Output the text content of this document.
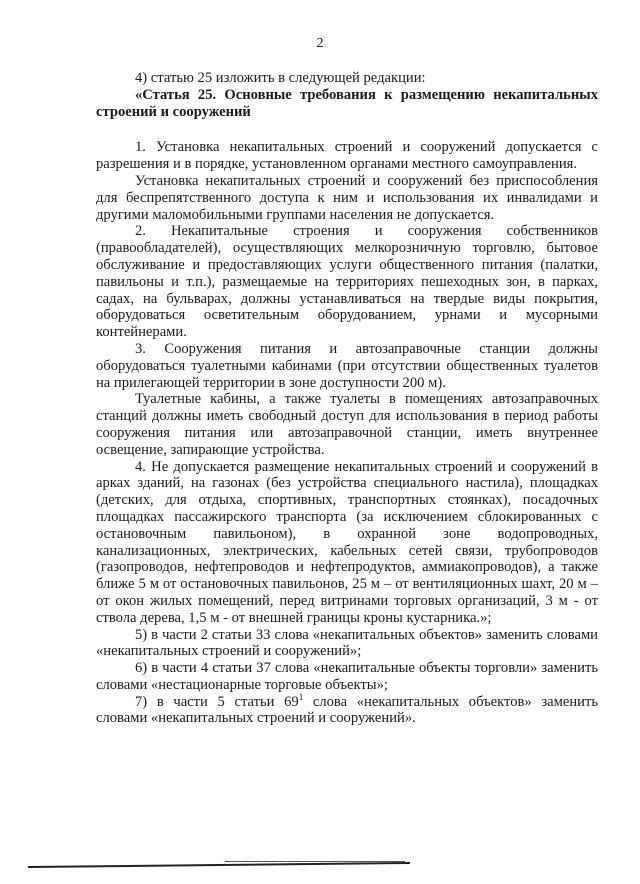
2

4) статью 25 изложить в следующей редакции:

«Статья 25. Основные требования к размещению некапитальных строений и сооружений

1. Установка некапитальных строений и сооружений допускается с разрешения и в порядке, установленном органами местного самоуправления.

Установка некапитальных строений и сооружений без приспособления для беспрепятственного доступа к ним и использования их инвалидами и другими маломобильными группами населения не допускается.

2. Некапитальные строения и сооружения собственников (правообладателей), осуществляющих мелкорозничную торговлю, бытовое обслуживание и предоставляющих услуги общественного питания (палатки, павильоны и т.п.), размещаемые на территориях пешеходных зон, в парках, садах, на бульварах, должны устанавливаться на твердые виды покрытия, оборудоваться осветительным оборудованием, урнами и мусорными контейнерами.

3. Сооружения питания и автозаправочные станции должны оборудоваться туалетными кабинами (при отсутствии общественных туалетов на прилегающей территории в зоне доступности 200 м).

Туалетные кабины, а также туалеты в помещениях автозаправочных станций должны иметь свободный доступ для использования в период работы сооружения питания или автозаправочной станции, иметь внутреннее освещение, запирающие устройства.

4. Не допускается размещение некапитальных строений и сооружений в арках зданий, на газонах (без устройства специального настила), площадках (детских, для отдыха, спортивных, транспортных стоянках), посадочных площадках пассажирского транспорта (за исключением сблокированных с остановочным павильоном), в охранной зоне водопроводных, канализационных, электрических, кабельных сетей связи, трубопроводов (газопроводов, нефтепроводов и нефтепродуктов, аммиакопроводов), а также ближе 5 м от остановочных павильонов, 25 м – от вентиляционных шахт, 20 м – от окон жилых помещений, перед витринами торговых организаций, 3 м - от ствола дерева, 1,5 м - от внешней границы кроны кустарника.»;

5) в части 2 статьи 33 слова «некапитальных объектов» заменить словами «некапитальных строений и сооружений»;

6) в части 4 статьи 37 слова «некапитальные объекты торговли» заменить словами «нестационарные торговые объекты»;

7) в части 5 статьи $69^1$ слова «некапитальных объектов» заменить словами «некапитальных строений и сооружений».
